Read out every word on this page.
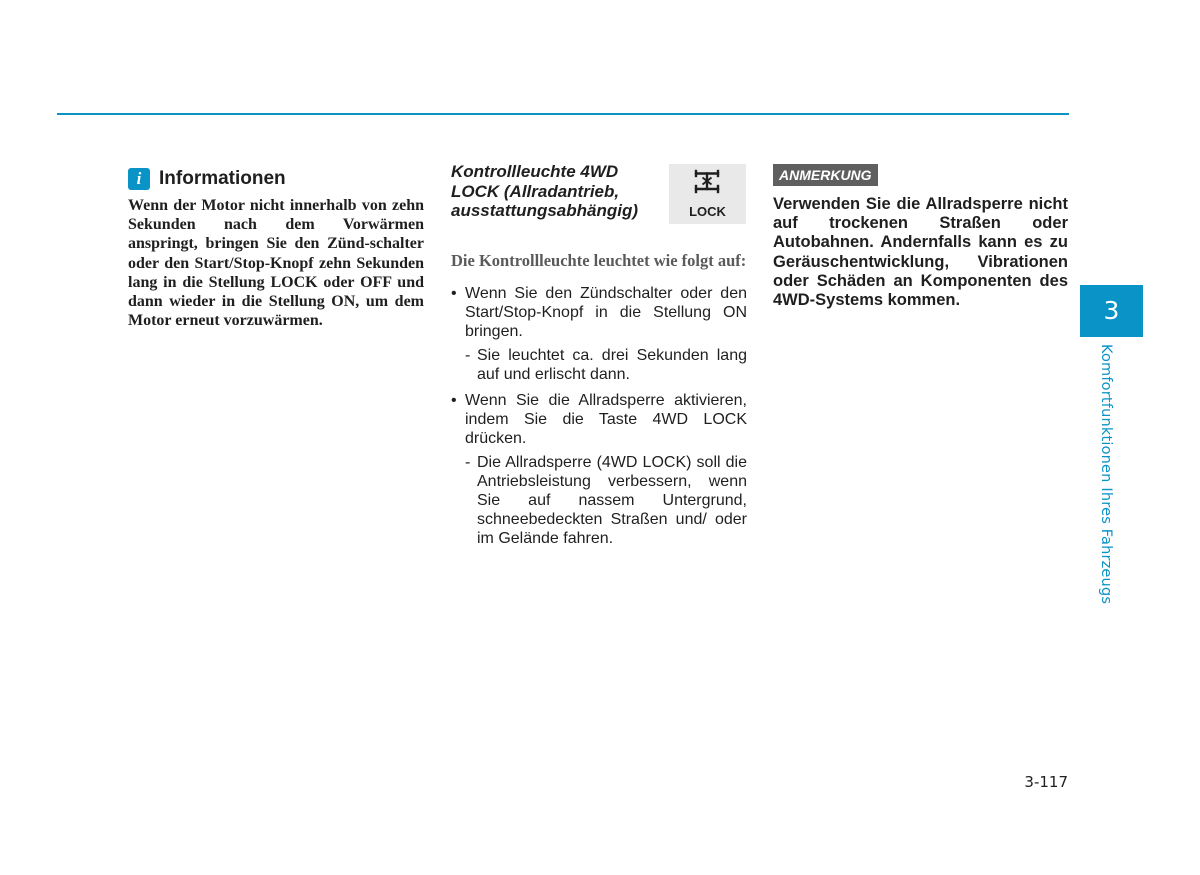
i Informationen
Wenn der Motor nicht innerhalb von zehn Sekunden nach dem Vorwärmen anspringt, bringen Sie den Zünd-schalter oder den Start/Stop-Knopf zehn Sekunden lang in die Stellung LOCK oder OFF und dann wieder in die Stellung ON, um dem Motor erneut vorzuwärmen.
Kontrollleuchte 4WD LOCK (Allradantrieb, ausstattungsabhängig)	LOCK
Die Kontrollleuchte leuchtet wie folgt auf:
• Wenn Sie den Zündschalter oder den Start/Stop-Knopf in die Stellung ON bringen.
- Sie leuchtet ca. drei Sekunden lang auf und erlischt dann.
• Wenn Sie die Allradsperre aktivieren, indem Sie die Taste 4WD LOCK drücken.
- Die Allradsperre (4WD LOCK) soll die Antriebsleistung verbessern, wenn Sie auf nassem Untergrund, schneebedeckten Straßen und/ oder im Gelände fahren.
ANMERKUNG
Verwenden Sie die Allradsperre nicht auf trockenen Straßen oder Autobahnen. Andernfalls kann es zu Geräuschentwicklung, Vibrationen oder Schäden an Komponenten des 4WD-Systems kommen.	3
Komfortfunktionen Ihres Fahrzeugs
3-117
